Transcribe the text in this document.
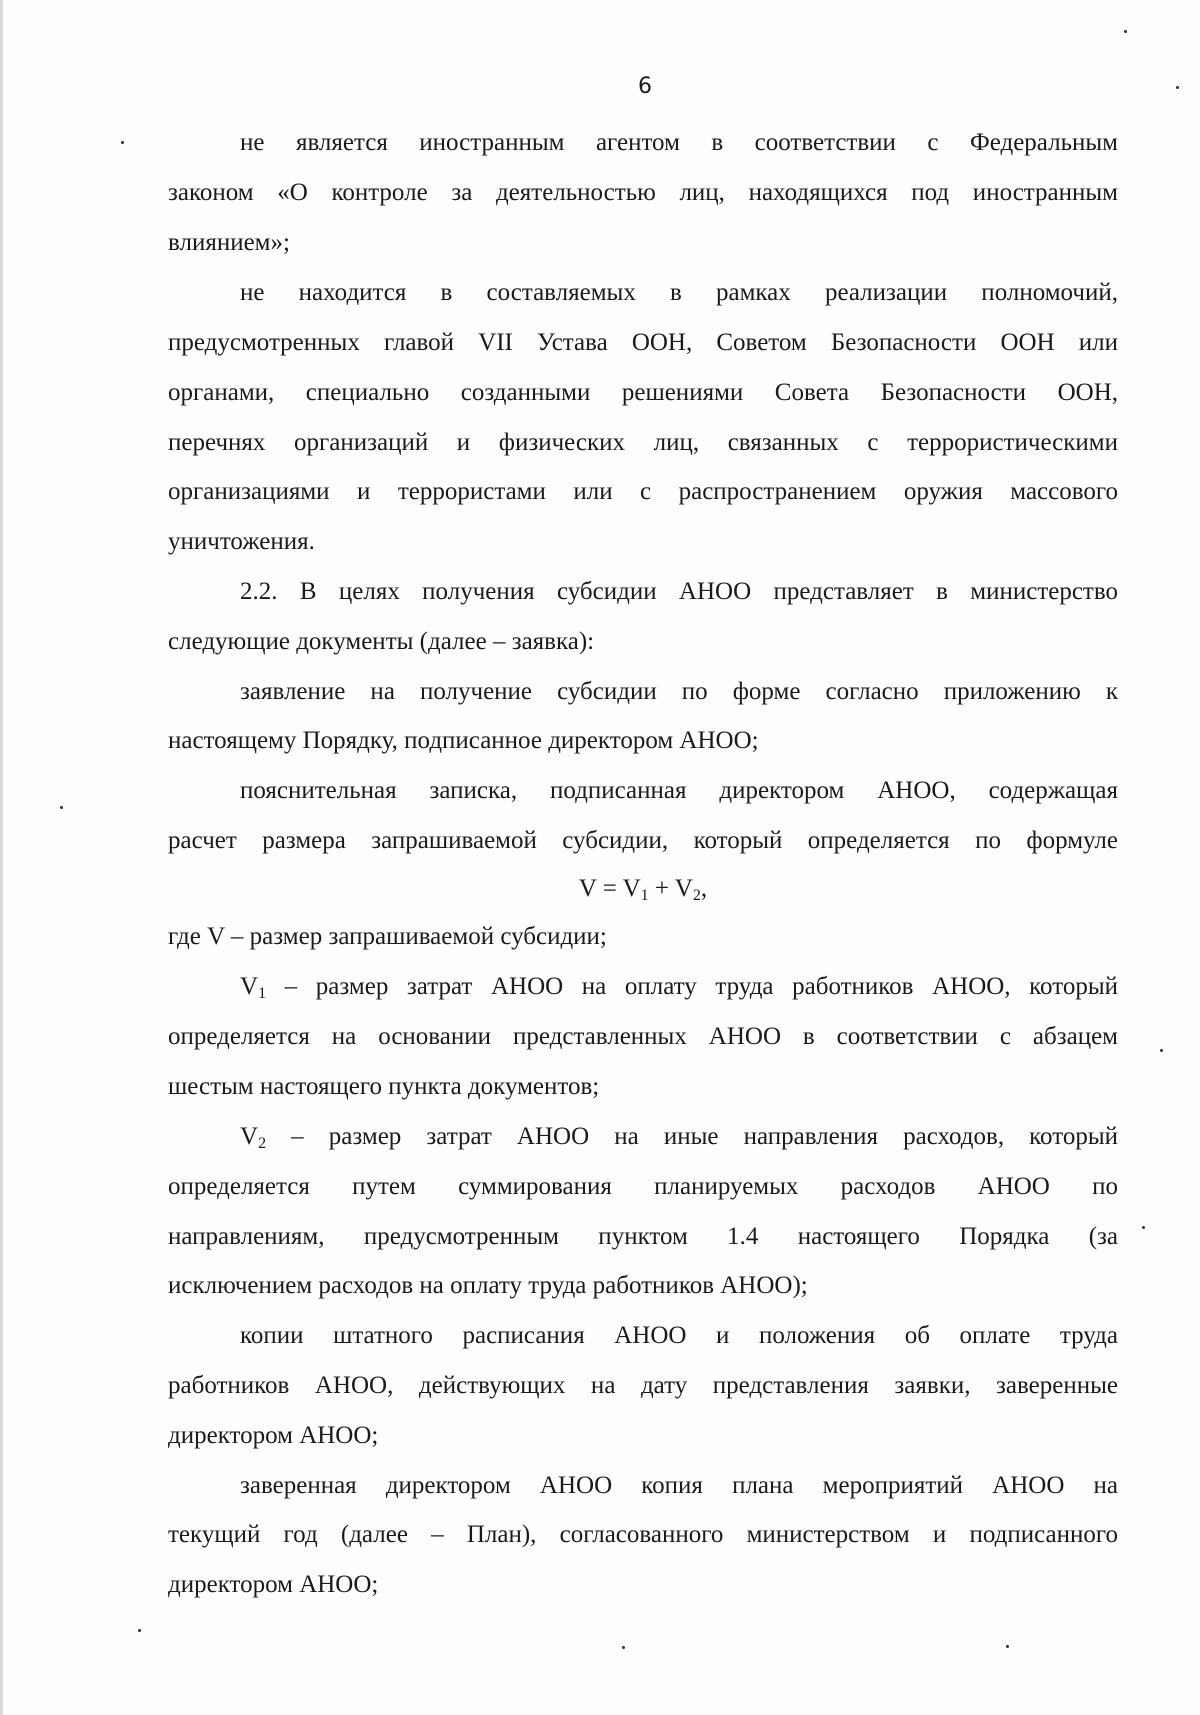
6
не является иностранным агентом в соответствии с Федеральным
законом «О контроле за деятельностью лиц, находящихся под иностранным
влиянием»;
не находится в составляемых в рамках реализации полномочий,
предусмотренных главой VII Устава ООН, Советом Безопасности ООН или
органами, специально созданными решениями Совета Безопасности ООН,
перечнях организаций и физических лиц, связанных с террористическими
организациями и террористами или с распространением оружия массового
уничтожения.
2.2. В целях получения субсидии АНОО представляет в министерство
следующие документы (далее – заявка):
заявление на получение субсидии по форме согласно приложению к
настоящему Порядку, подписанное директором АНОО;
пояснительная записка, подписанная директором АНОО, содержащая
расчет размера запрашиваемой субсидии, который определяется по формуле
$V = V_1 + V_2$,
где V – размер запрашиваемой субсидии;
$V_1$ – размер затрат АНОО на оплату труда работников АНОО, который
определяется на основании представленных АНОО в соответствии с абзацем
шестым настоящего пункта документов;
$V_2$ – размер затрат АНОО на иные направления расходов, который
определяется путем суммирования планируемых расходов АНОО по
направлениям, предусмотренным пунктом 1.4 настоящего Порядка (за
исключением расходов на оплату труда работников АНОО);
копии штатного расписания АНОО и положения об оплате труда
работников АНОО, действующих на дату представления заявки, заверенные
директором АНОО;
заверенная директором АНОО копия плана мероприятий АНОО на
текущий год (далее – План), согласованного министерством и подписанного
директором АНОО;
